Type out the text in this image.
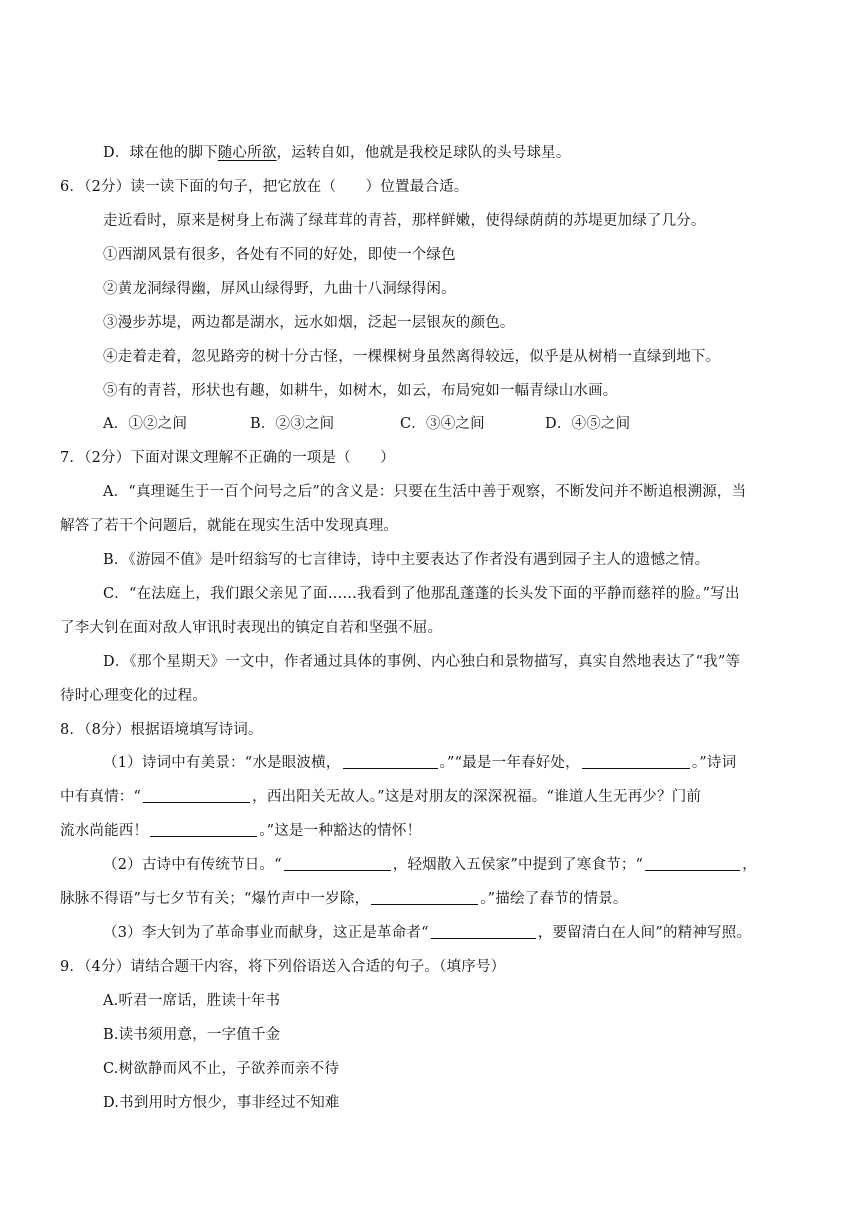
D．球在他的脚下随心所欲，运转自如，他就是我校足球队的头号球星。
6．（2分）读一读下面的句子，把它放在（　　）位置最合适。
走近看时，原来是树身上布满了绿茸茸的青苔，那样鲜嫩，使得绿荫荫的苏堤更加绿了几分。
①西湖风景有很多，各处有不同的好处，即使一个绿色
②黄龙洞绿得幽，屏风山绿得野，九曲十八洞绿得闲。
③漫步苏堤，两边都是湖水，远水如烟，泛起一层银灰的颜色。
④走着走着，忽见路旁的树十分古怪，一棵棵树身虽然离得较远，似乎是从树梢一直绿到地下。
⑤有的青苔，形状也有趣，如耕牛，如树木，如云，布局宛如一幅青绿山水画。
A．①②之间	B．②③之间	C．③④之间	D．④⑤之间
7．（2分）下面对课文理解不正确的一项是（　　）
A．“真理诞生于一百个问号之后”的含义是：只要在生活中善于观察，不断发问并不断追根溯源，当
解答了若干个问题后，就能在现实生活中发现真理。
B．《游园不值》是叶绍翁写的七言律诗，诗中主要表达了作者没有遇到园子主人的遗憾之情。
C．“在法庭上，我们跟父亲见了面……我看到了他那乱蓬蓬的长头发下面的平静而慈祥的脸。”写出
了李大钊在面对敌人审讯时表现出的镇定自若和坚强不屈。
D．《那个星期天》一文中，作者通过具体的事例、内心独白和景物描写，真实自然地表达了“我”等
待时心理变化的过程。
8．（8分）根据语境填写诗词。
（1）诗词中有美景：“水是眼波横，	。”“最是一年春好处，	。”诗词
中有真情：“	，西出阳关无故人。”这是对朋友的深深祝福。“谁道人生无再少？门前
流水尚能西！	。”这是一种豁达的情怀！
（2）古诗中有传统节日。“	，轻烟散入五侯家”中提到了寒食节；“	，
脉脉不得语”与七夕节有关；“爆竹声中一岁除，	。”描绘了春节的情景。
（3）李大钊为了革命事业而献身，这正是革命者“	，要留清白在人间”的精神写照。
9．（4分）请结合题干内容，将下列俗语送入合适的句子。（填序号）
A.听君一席话，胜读十年书
B.读书须用意，一字值千金
C.树欲静而风不止，子欲养而亲不待
D.书到用时方恨少，事非经过不知难
